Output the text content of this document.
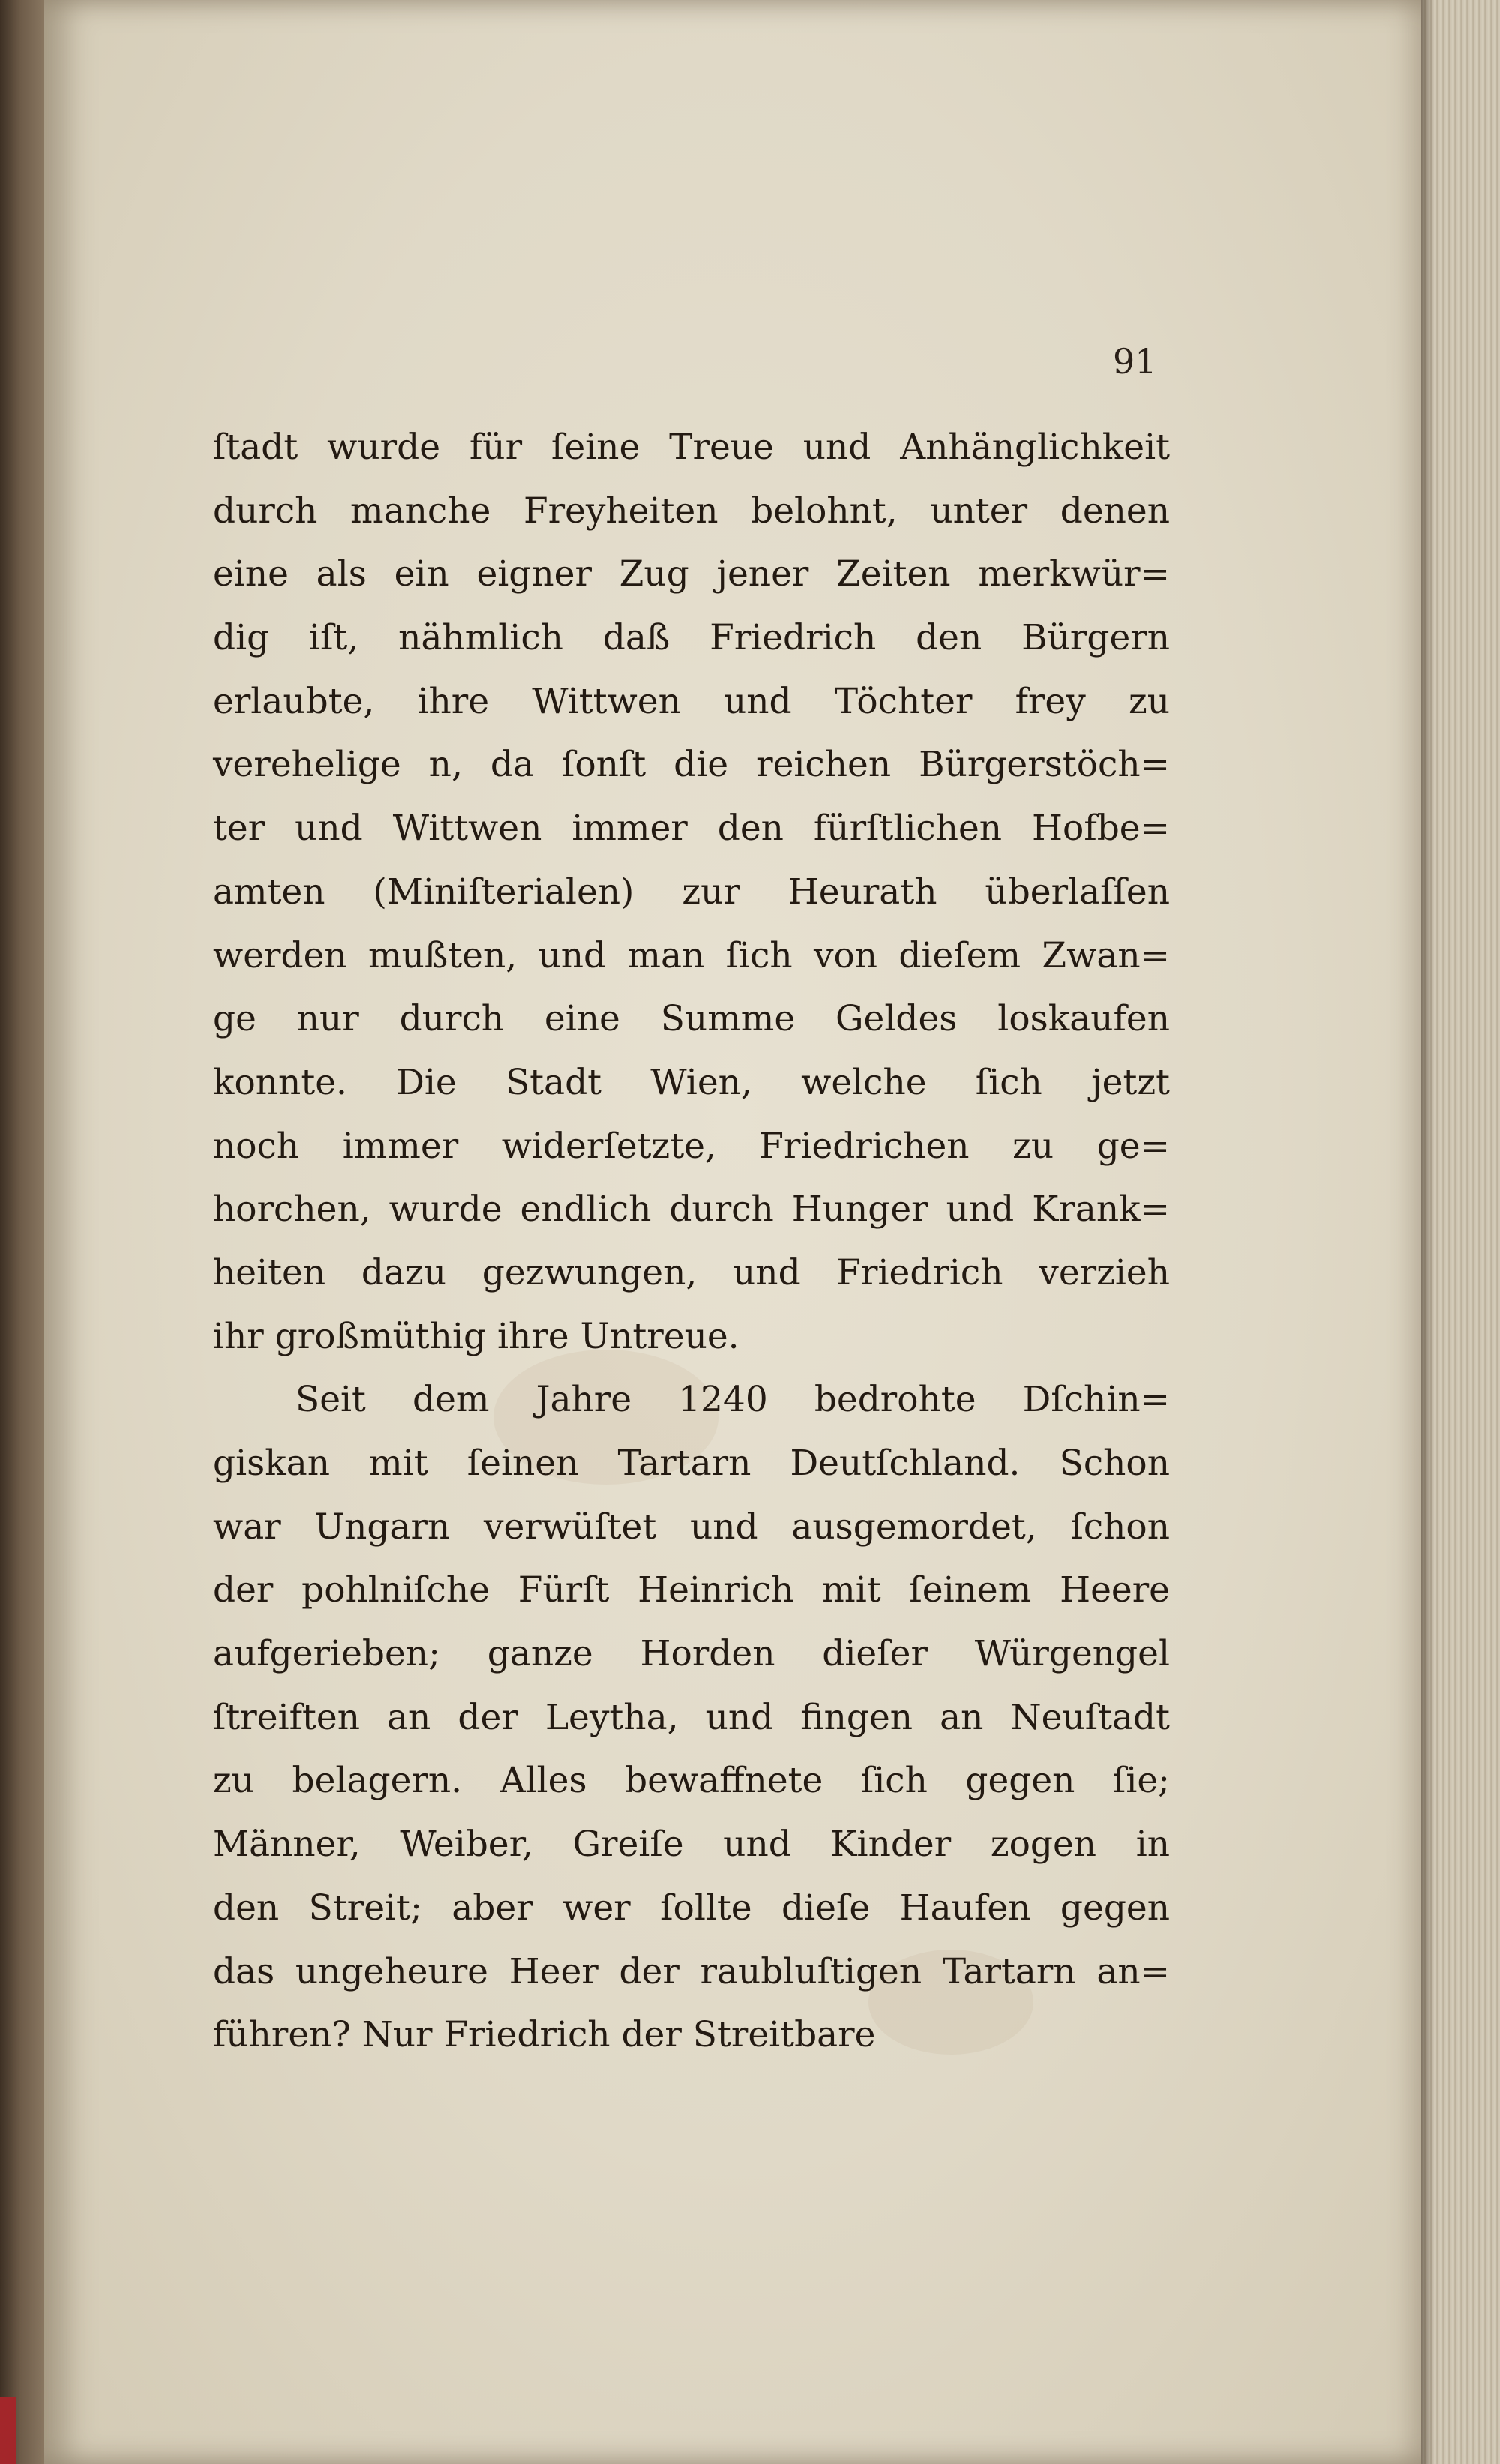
91
ſtadt wurde für ſeine Treue und Anhänglichkeit
durch manche Freyheiten belohnt, unter denen
eine als ein eigner Zug jener Zeiten merkwür=
dig iſt, nähmlich daß Friedrich den Bürgern
erlaubte, ihre Wittwen und Töchter frey zu
verehelige n, da ſonſt die reichen Bürgerstöch=
ter und Wittwen immer den fürſtlichen Hofbe=
amten (Miniſterialen) zur Heurath überlaſſen
werden mußten, und man ſich von dieſem Zwan=
ge nur durch eine Summe Geldes loskaufen
konnte. Die Stadt Wien, welche ſich jetzt
noch immer widerſetzte, Friedrichen zu ge=
horchen, wurde endlich durch Hunger und Krank=
heiten dazu gezwungen, und Friedrich verzieh
ihr großmüthig ihre Untreue.
Seit dem Jahre 1240 bedrohte Dſchin=
giskan mit ſeinen Tartarn Deutſchland. Schon
war Ungarn verwüſtet und ausgemordet, ſchon
der pohlniſche Fürſt Heinrich mit ſeinem Heere
aufgerieben; ganze Horden dieſer Würgengel
ſtreiften an der Leytha, und fingen an Neuſtadt
zu belagern. Alles bewaffnete ſich gegen ſie;
Männer, Weiber, Greiſe und Kinder zogen in
den Streit; aber wer ſollte dieſe Haufen gegen
das ungeheure Heer der raubluſtigen Tartarn an=
führen? Nur Friedrich der Streitbare
